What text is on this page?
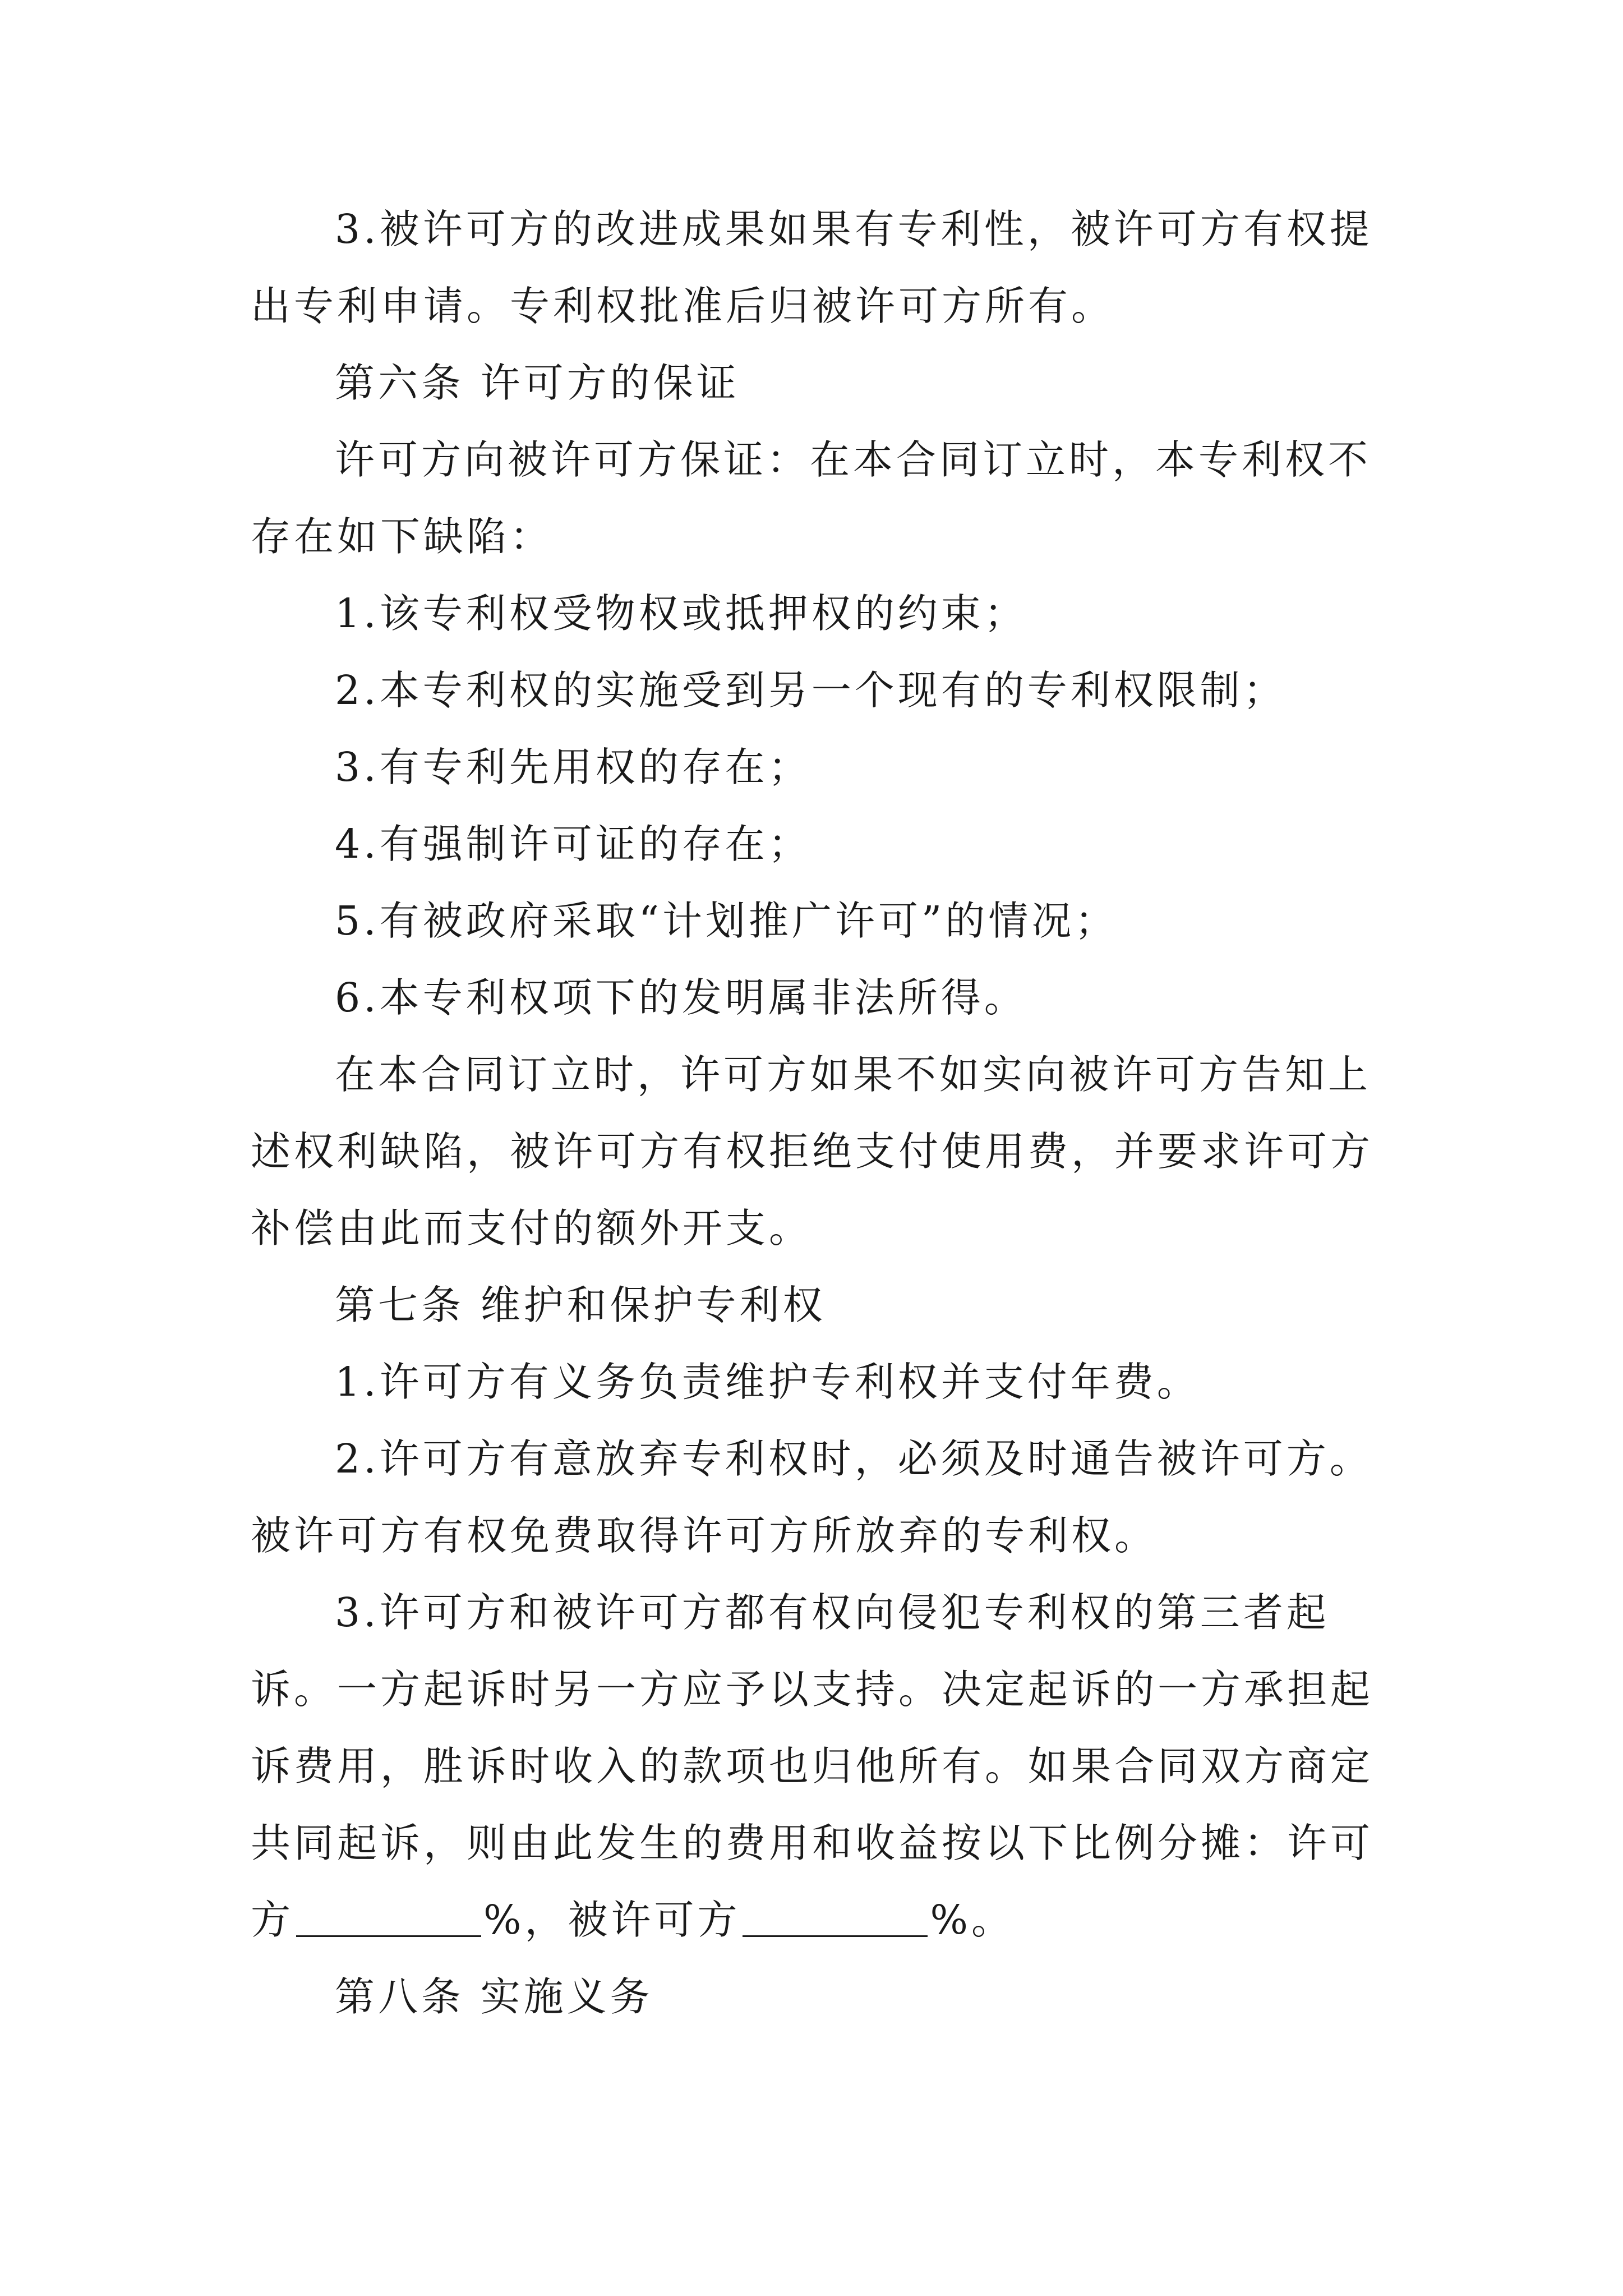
3.被许可方的改进成果如果有专利性，被许可方有权提出专利申请。专利权批准后归被许可方所有。

第六条 许可方的保证

许可方向被许可方保证：在本合同订立时，本专利权不存在如下缺陷：

1.该专利权受物权或抵押权的约束；

2.本专利权的实施受到另一个现有的专利权限制；

3.有专利先用权的存在；

4.有强制许可证的存在；

5.有被政府采取“计划推广许可”的情况；

6.本专利权项下的发明属非法所得。

在本合同订立时，许可方如果不如实向被许可方告知上述权利缺陷，被许可方有权拒绝支付使用费，并要求许可方补偿由此而支付的额外开支。

第七条 维护和保护专利权

1.许可方有义务负责维护专利权并支付年费。

2.许可方有意放弃专利权时，必须及时通告被许可方。被许可方有权免费取得许可方所放弃的专利权。

3.许可方和被许可方都有权向侵犯专利权的第三者起诉。一方起诉时另一方应予以支持。决定起诉的一方承担起诉费用，胜诉时收入的款项也归他所有。如果合同双方商定共同起诉，则由此发生的费用和收益按以下比例分摊：许可

方	%，被许可方	%。

第八条 实施义务
